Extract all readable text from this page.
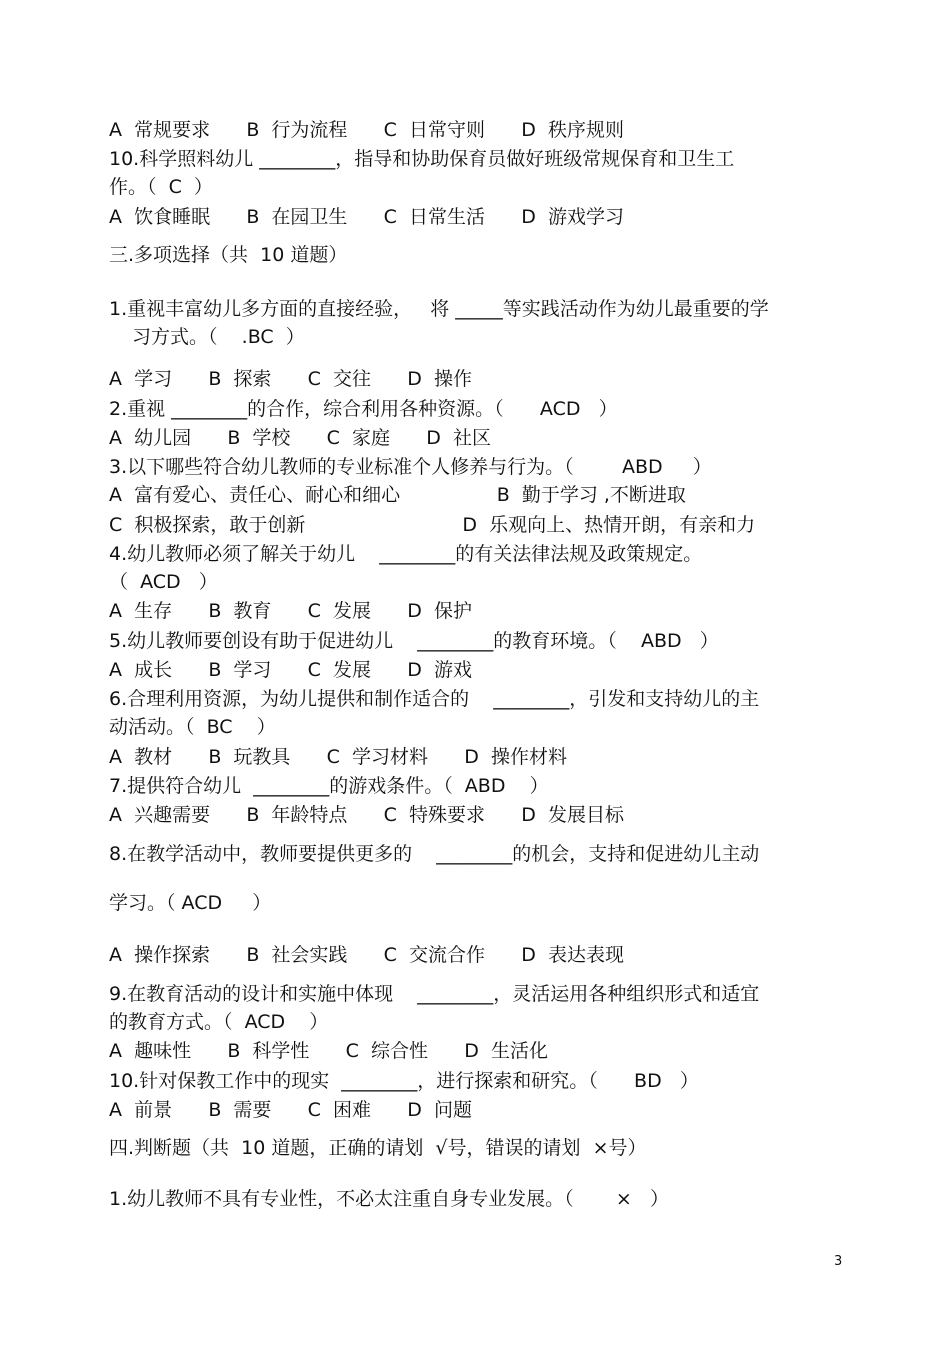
A  常规要求      B  行为流程      C  日常守则      D  秩序规则
10.科学照料幼儿 ________，指导和协助保育员做好班级常规保育和卫生工
作。（  C  ）
A  饮食睡眠      B  在园卫生      C  日常生活      D  游戏学习
三.多项选择（共  10 道题）
1.重视丰富幼儿多方面的直接经验，   将 _____等实践活动作为幼儿最重要的学
习方式。（    .BC  ）
A  学习      B  探索      C  交往      D  操作
2.重视 ________的合作，综合利用各种资源。（      ACD   ）
A  幼儿园      B  学校      C  家庭      D  社区
3.以下哪些符合幼儿教师的专业标准个人修养与行为。（        ABD     ）
A  富有爱心、责任心、耐心和细心                B  勤于学习 ,不断进取
C  积极探索，敢于创新                          D  乐观向上、热情开朗，有亲和力
4.幼儿教师必须了解关于幼儿    ________的有关法律法规及政策规定。
（  ACD   ）
A  生存      B  教育      C  发展      D  保护
5.幼儿教师要创设有助于促进幼儿    ________的教育环境。（    ABD   ）
A  成长      B  学习      C  发展      D  游戏
6.合理利用资源，为幼儿提供和制作适合的    ________，引发和支持幼儿的主
动活动。（  BC    ）
A  教材      B  玩教具      C  学习材料      D  操作材料
7.提供符合幼儿  ________的游戏条件。（  ABD    ）
A  兴趣需要      B  年龄特点      C  特殊要求      D  发展目标
8.在教学活动中，教师要提供更多的    ________的机会，支持和促进幼儿主动
学习。（ ACD     ）
A  操作探索      B  社会实践      C  交流合作      D  表达表现
9.在教育活动的设计和实施中体现    ________，灵活运用各种组织形式和适宜
的教育方式。（  ACD    ）
A  趣味性      B  科学性      C  综合性      D  生活化
10.针对保教工作中的现实  ________，进行探索和研究。（      BD   ）
A  前景      B  需要      C  困难      D  问题
四.判断题（共  10 道题，正确的请划  √号，错误的请划  ×号）
1.幼儿教师不具有专业性，不必太注重自身专业发展。（       ×   ）
3
